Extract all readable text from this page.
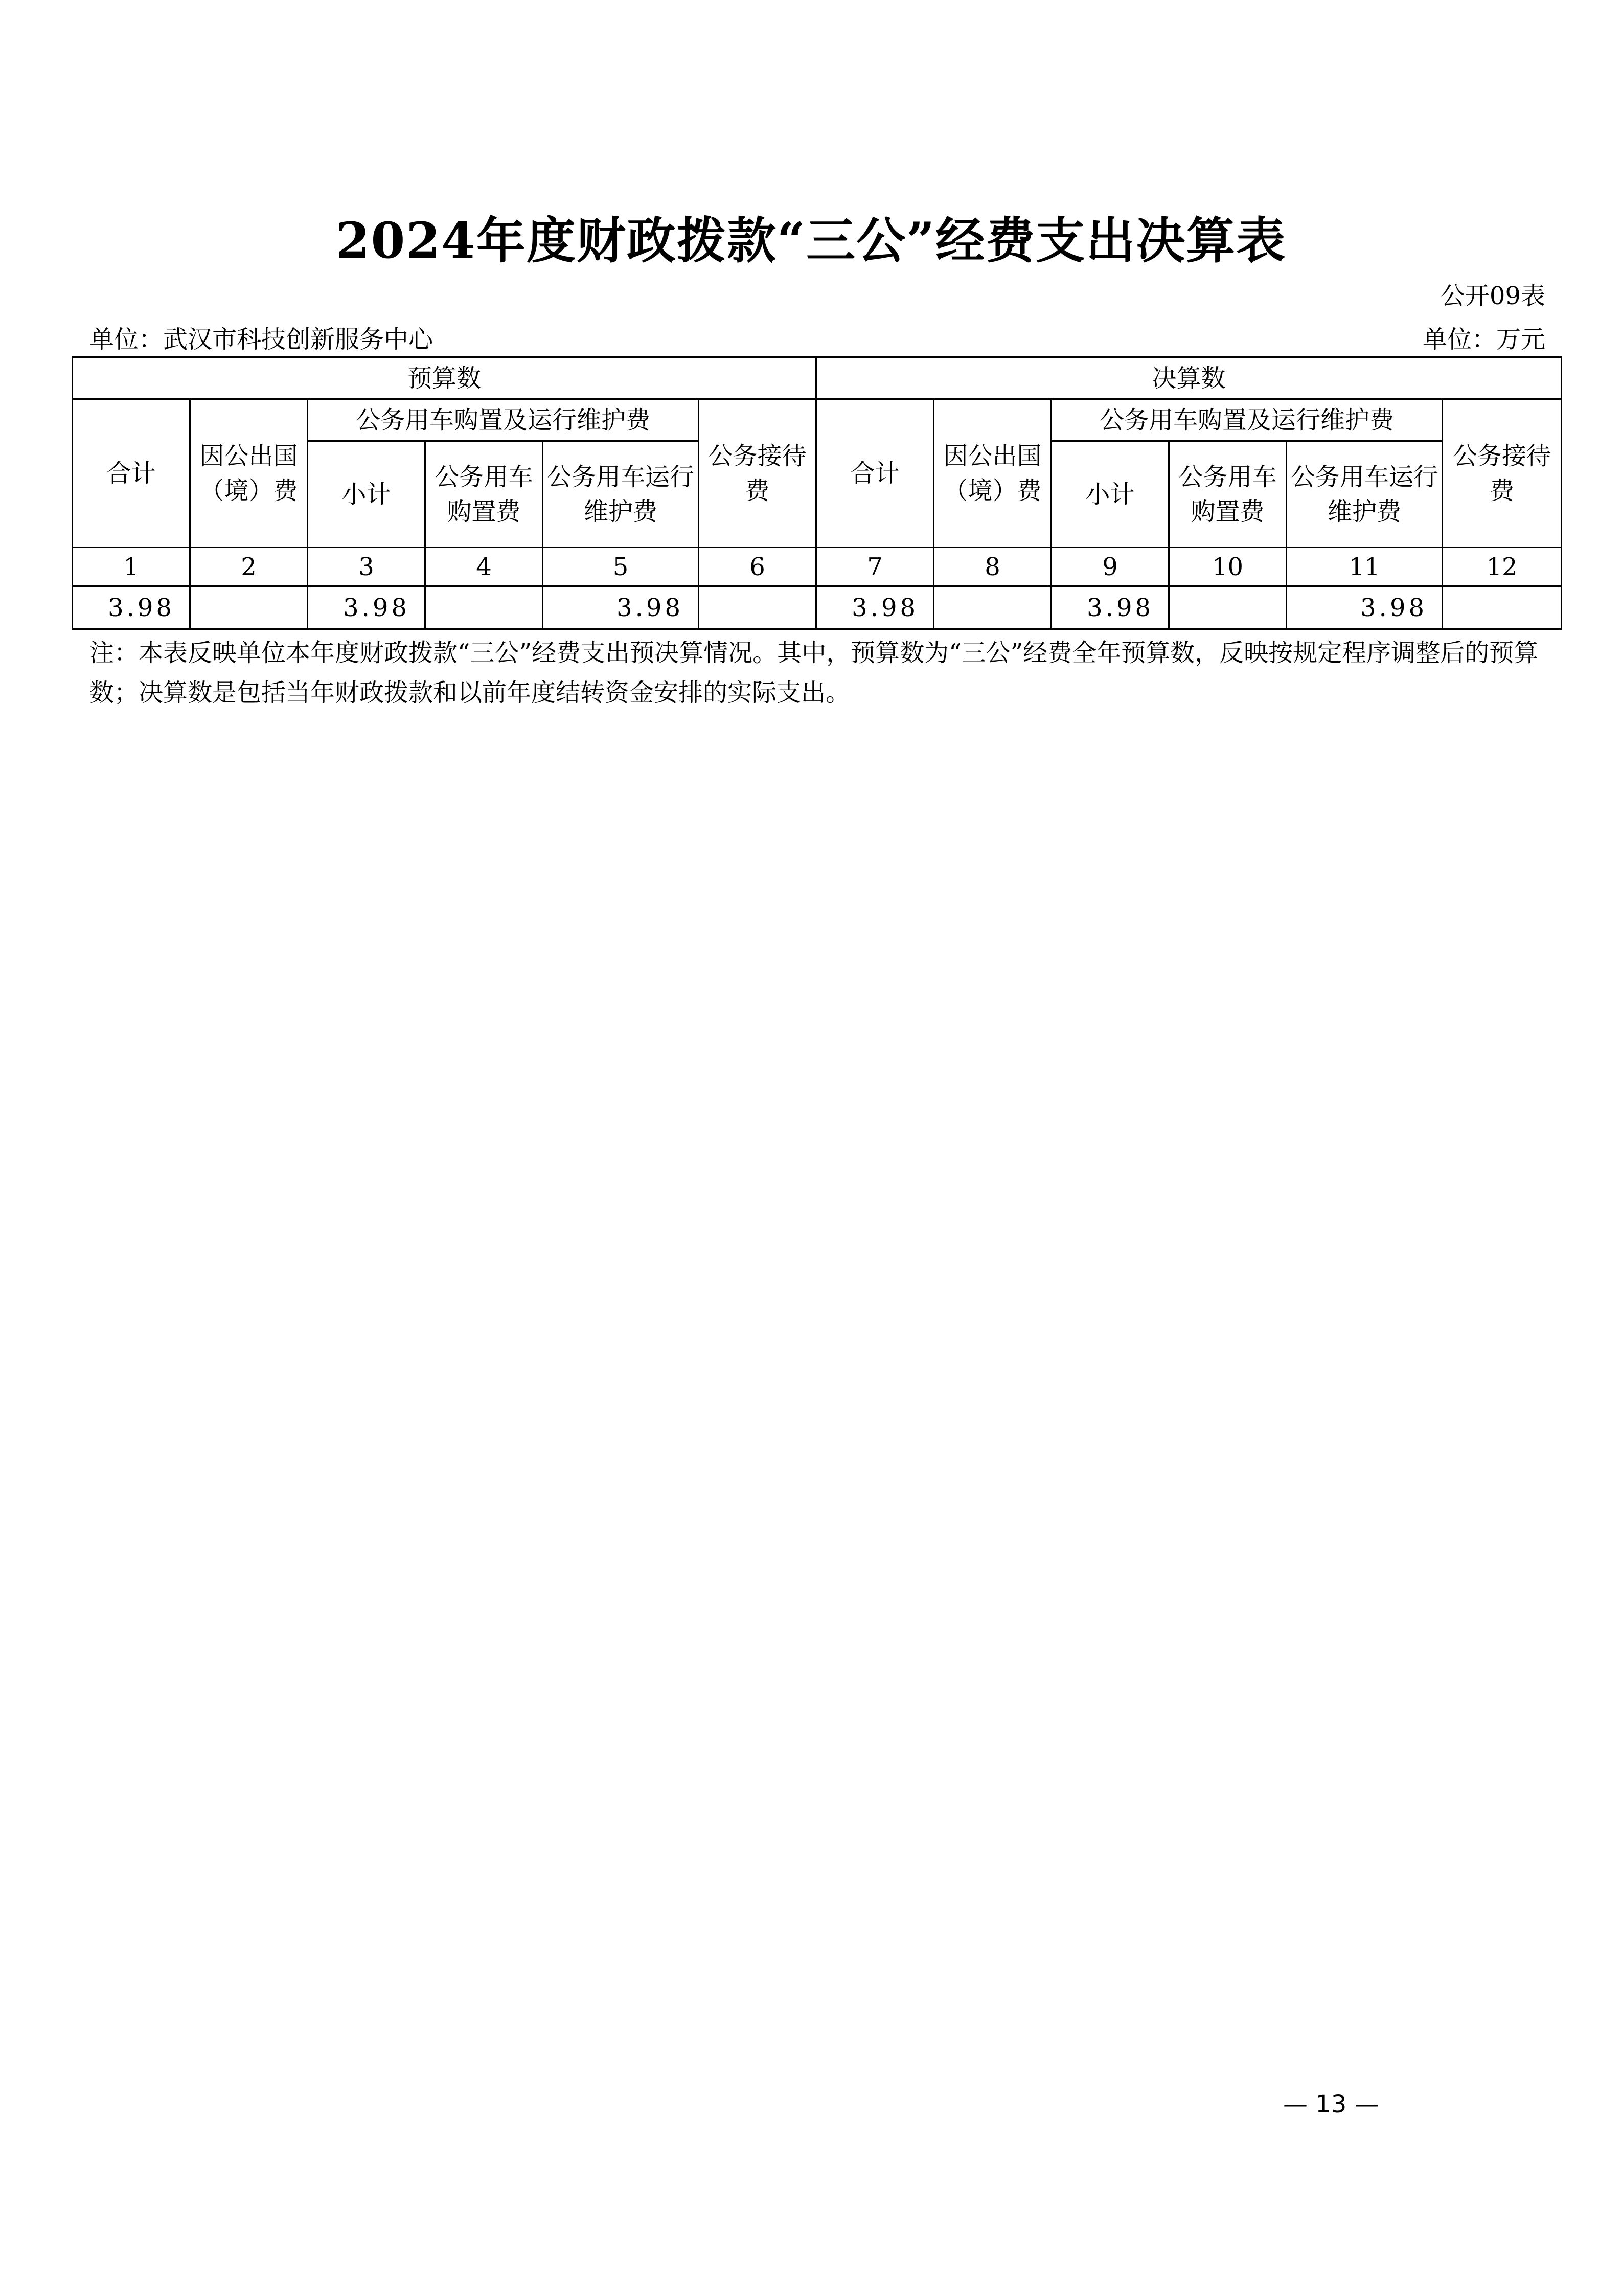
2024年度财政拨款“三公”经费支出决算表
公开09表
单位：武汉市科技创新服务中心	单位：万元
预算数						决算数					
合计	因公出国（境）费	公务用车购置及运行维护费			公务接待费	合计	因公出国（境）费	公务用车购置及运行维护费			公务接待费
		小计	公务用车购置费	公务用车运行维护费				小计	公务用车购置费	公务用车运行维护费	
1	2	3	4	5	6	7	8	9	10	11	12
3.98		3.98		3.98		3.98		3.98		3.98	
注：本表反映单位本年度财政拨款“三公”经费支出预决算情况。其中，预算数为“三公”经费全年预算数，反映按规定程序调整后的预算数；决算数是包括当年财政拨款和以前年度结转资金安排的实际支出。
— 13 —
